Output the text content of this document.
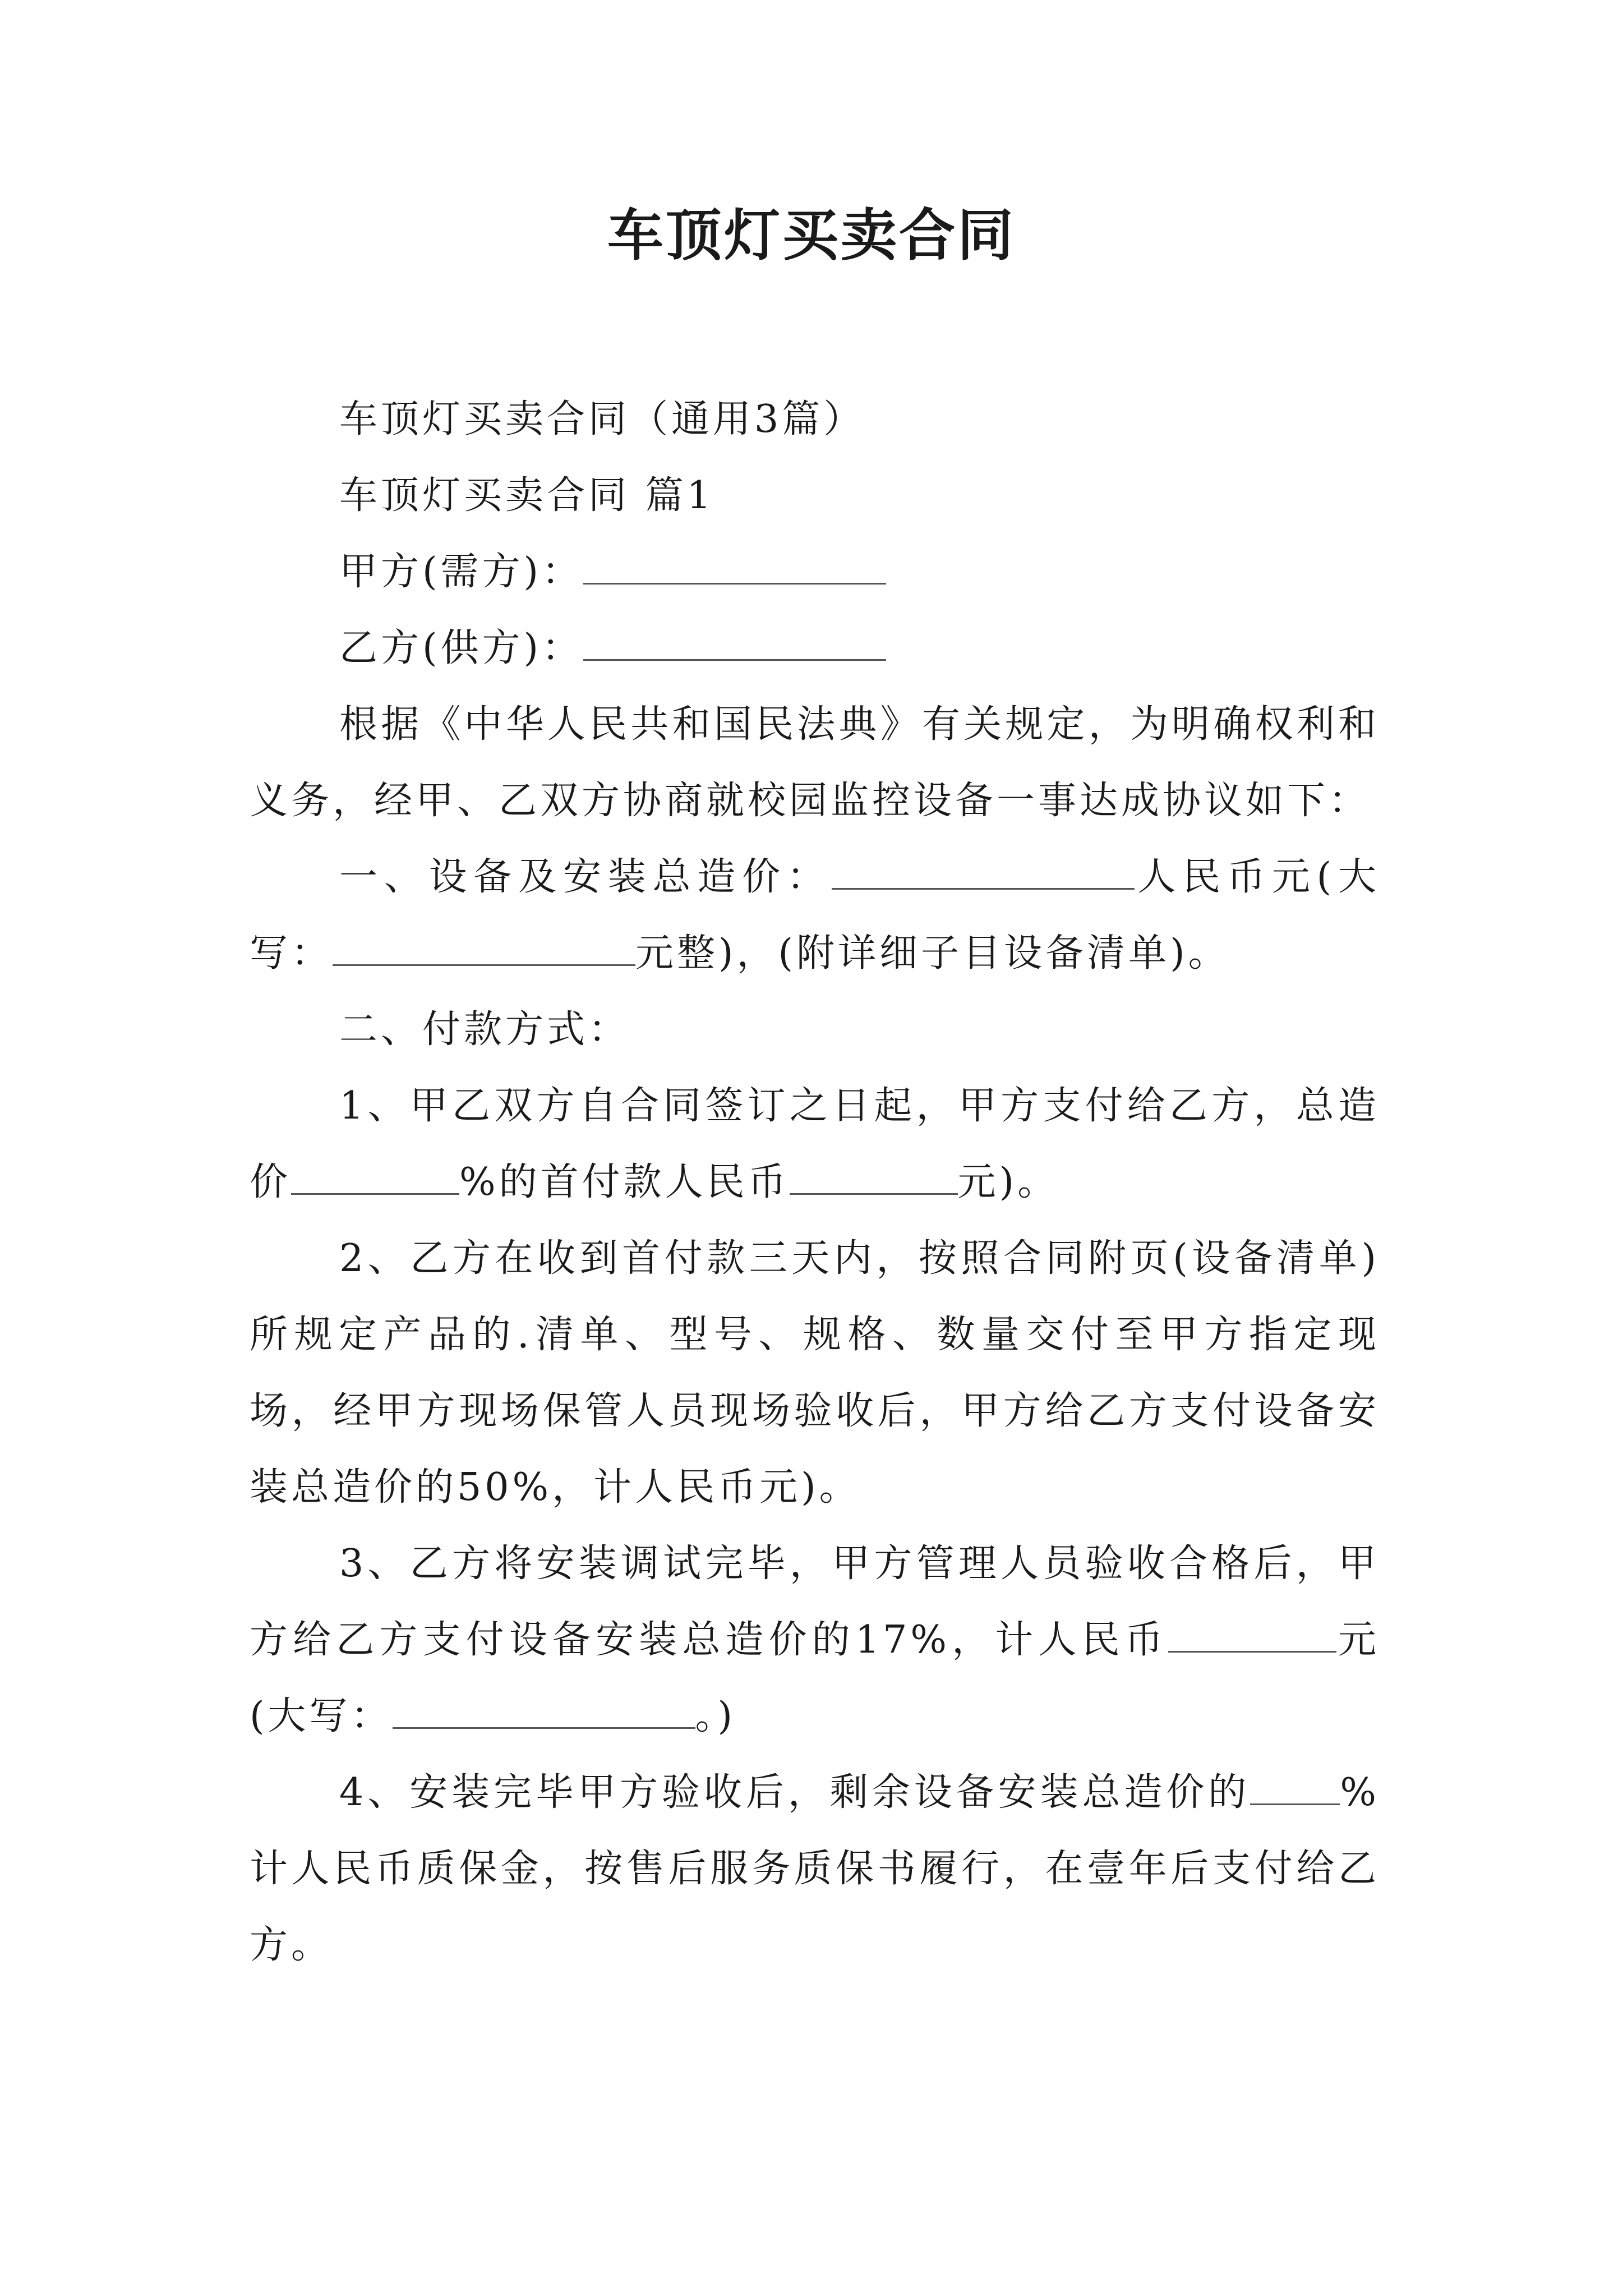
车顶灯买卖合同

车顶灯买卖合同（通用3篇）

车顶灯买卖合同 篇1

甲方(需方)：

乙方(供方)：

根据《中华人民共和国民法典》有关规定，为明确权利和义务，经甲、乙双方协商就校园监控设备一事达成协议如下：

一、设备及安装总造价：	人民币元(大写：	元整)，(附详细子目设备清单)。

二、付款方式：

1、甲乙双方自合同签订之日起，甲方支付给乙方，总造价	%的首付款人民币	元)。

2、乙方在收到首付款三天内，按照合同附页(设备清单)所规定产品的.清单、型号、规格、数量交付至甲方指定现场，经甲方现场保管人员现场验收后，甲方给乙方支付设备安装总造价的50%，计人民币元)。

3、乙方将安装调试完毕，甲方管理人员验收合格后，甲方给乙方支付设备安装总造价的17%，计人民币	元(大写：	。)

4、安装完毕甲方验收后，剩余设备安装总造价的 %计人民币质保金，按售后服务质保书履行，在壹年后支付给乙方。
